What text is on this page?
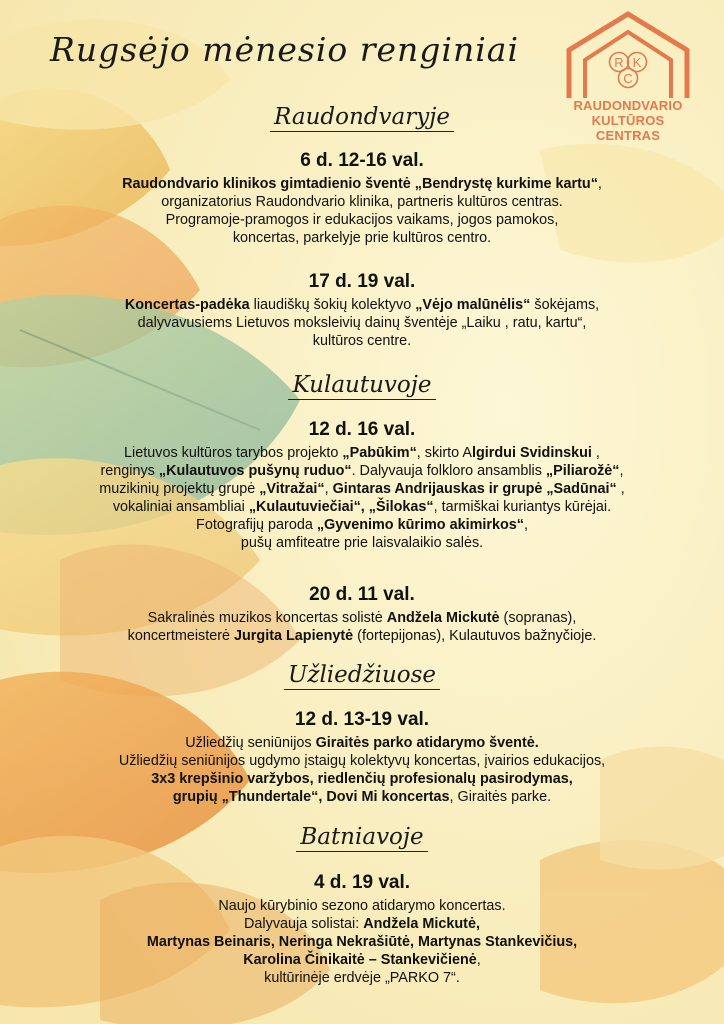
Rugsėjo mėnesio renginiai	R K
C
RAUDONDVARIO
KULTŪROS CENTRAS
Raudondvaryje
6 d. 12-16 val.
Raudondvario klinikos gimtadienio šventė „Bendrystę kurkime kartu“,
organizatorius Raudondvario klinika, partneris kultūros centras.
Programoje-pramogos ir edukacijos vaikams, jogos pamokos,
koncertas, parkelyje prie kultūros centro.
17 d. 19 val.
Koncertas-padėka liaudiškų šokių kolektyvo „Vėjo malūnėlis“ šokėjams,
dalyvavusiems Lietuvos moksleivių dainų šventėje „Laiku , ratu, kartu“,
kultūros centre.
Kulautuvoje
12 d. 16 val.
Lietuvos kultūros tarybos projekto „Pabūkim“, skirto Algirdui Svidinskui ,
renginys „Kulautuvos pušynų ruduo“. Dalyvauja folkloro ansamblis „Piliarožė“,
muzikinių projektų grupė „Vitražai“, Gintaras Andrijauskas ir grupė „Sadūnai“ ,
vokaliniai ansambliai „Kulautuviečiai“, „Šilokas“, tarmiškai kuriantys kūrėjai.
Fotografijų paroda „Gyvenimo kūrimo akimirkos“,
pušų amfiteatre prie laisvalaikio salės.
20 d. 11 val.
Sakralinės muzikos koncertas solistė Andželа Mickutė (sopranas),
koncertmeisterė Jurgita Lapienytė (fortepijonas), Kulautuvos bažnyčioje.
Užliedžiuose
12 d. 13-19 val.
Užliedžių seniūnijos Giraitės parko atidarymo šventė.
Užliedžių seniūnijos ugdymo įstaigų kolektyvų koncertas, įvairios edukacijos,
3x3 krepšinio varžybos, riedlenčių profesionalų pasirodymas,
grupių „Thundertale“, Dovi Mi koncertas, Giraitės parke.
Batniavoje
4 d. 19 val.
Naujo kūrybinio sezono atidarymo koncertas.
Dalyvauja solistai: Andželа Mickutė,
Martynas Beinaris, Neringa Nekrašiūtė, Martynas Stankevičius,
Karolina Činikaitė – Stankevičienė,
kultūrinėje erdvėje „PARKO 7“.
